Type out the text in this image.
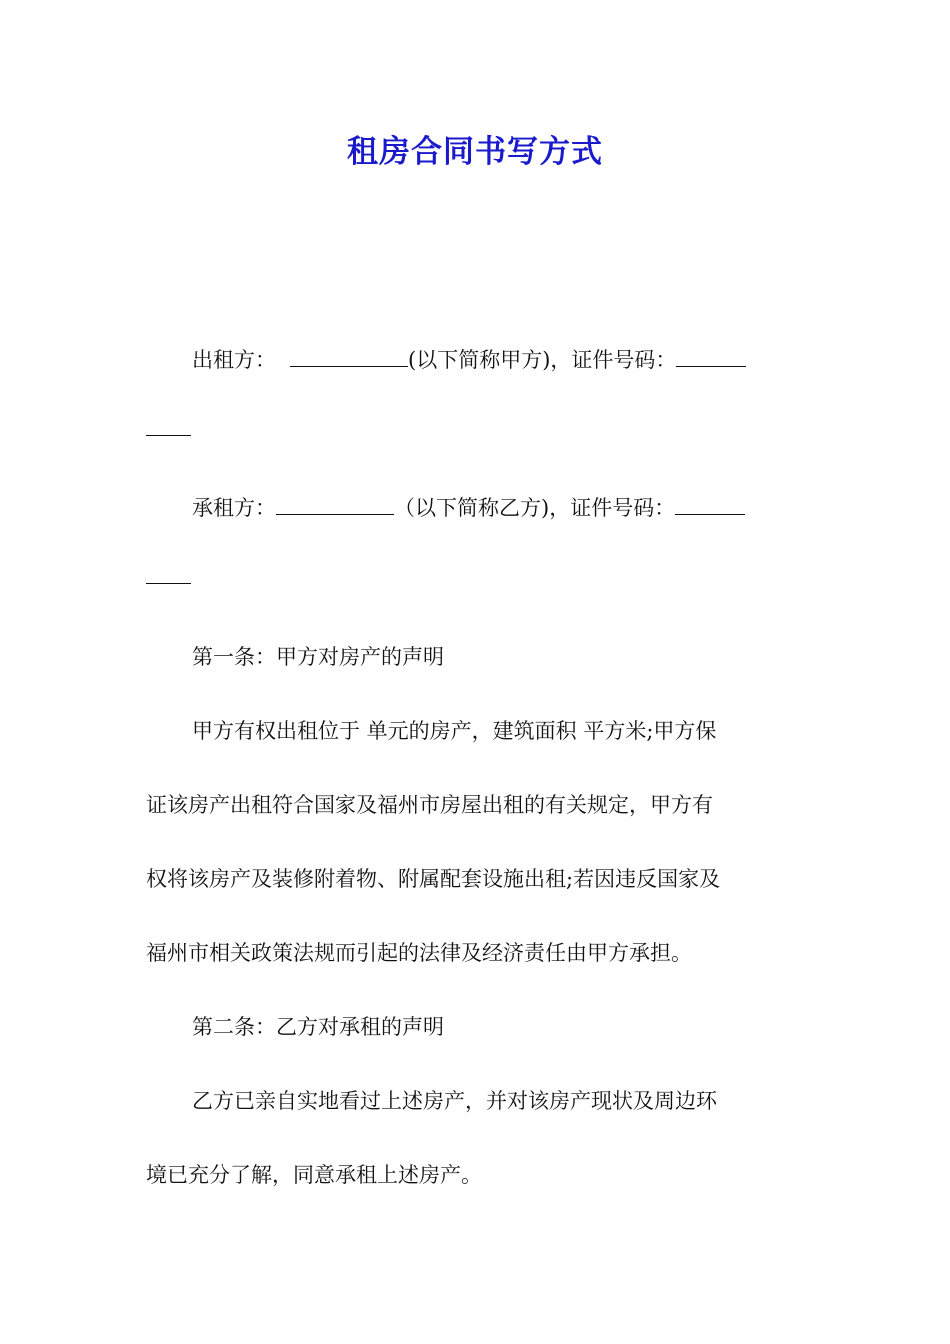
租房合同书写方式
出租方：	(以下简称甲方)，证件号码：
承租方：	（以下简称乙方)，证件号码：
第一条：甲方对房产的声明
甲方有权出租位于 单元的房产，建筑面积 平方米;甲方保
证该房产出租符合国家及福州市房屋出租的有关规定，甲方有
权将该房产及装修附着物、附属配套设施出租;若因违反国家及
福州市相关政策法规而引起的法律及经济责任由甲方承担。
第二条：乙方对承租的声明
乙方已亲自实地看过上述房产，并对该房产现状及周边环
境已充分了解，同意承租上述房产。
